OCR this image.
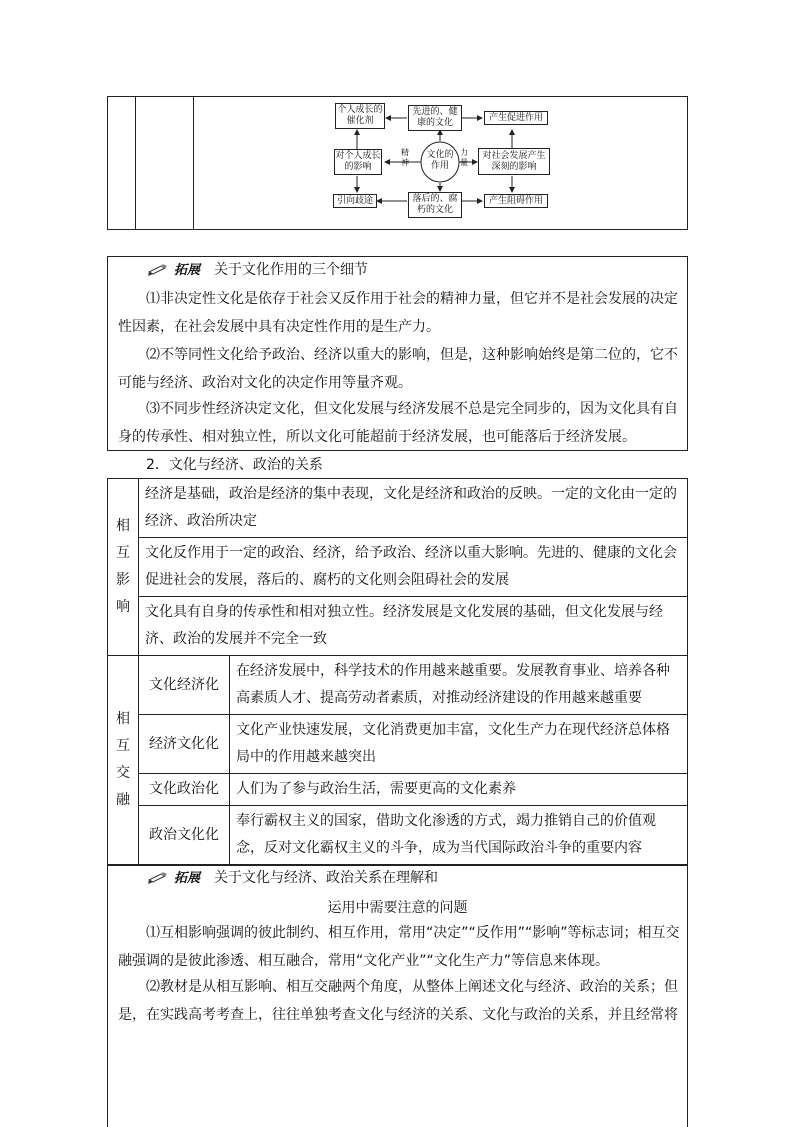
个人成长的
催化剂
先进的、健
康的文化
产生促进作用
对个人成长
的影响
对社会发展产生
深刻的影响
引向歧途	落后的、腐
朽的文化
产生阻碍作用
文化的
作用
精
神
力
量
拓展 关于文化作用的三个细节
⑴非决定性文化是依存于社会又反作用于社会的精神力量，但它并不是社会发展的决定性因素，在社会发展中具有决定性作用的是生产力。
⑵不等同性文化给予政治、经济以重大的影响，但是，这种影响始终是第二位的，它不可能与经济、政治对文化的决定作用等量齐观。
⑶不同步性经济决定文化，但文化发展与经济发展不总是完全同步的，因为文化具有自身的传承性、相对独立性，所以文化可能超前于经济发展，也可能落后于经济发展。
2．文化与经济、政治的关系
相
互
影
响	经济是基础，政治是经济的集中表现，文化是经济和政治的反映。一定的文化由一定的经济、政治所决定	
	文化反作用于一定的政治、经济，给予政治、经济以重大影响。先进的、健康的文化会促进社会的发展，落后的、腐朽的文化则会阻碍社会的发展	
	文化具有自身的传承性和相对独立性。经济发展是文化发展的基础，但文化发展与经济、政治的发展并不完全一致	

相
互
交
融	文化经济化	在经济发展中，科学技术的作用越来越重要。发展教育事业、培养各种高素质人才、提高劳动者素质，对推动经济建设的作用越来越重要
	经济文化化	文化产业快速发展，文化消费更加丰富，文化生产力在现代经济总体格局中的作用越来越突出
	文化政治化	人们为了参与政治生活，需要更高的文化素养
	政治文化化	奉行霸权主义的国家，借助文化渗透的方式，竭力推销自己的价值观念，反对文化霸权主义的斗争，成为当代国际政治斗争的重要内容
拓展 关于文化与经济、政治关系在理解和
运用中需要注意的问题
⑴互相影响强调的彼此制约、相互作用，常用“决定”“反作用”“影响”等标志词；相互交融强调的是彼此渗透、相互融合，常用“文化产业”“文化生产力”等信息来体现。
⑵教材是从相互影响、相互交融两个角度，从整体上阐述文化与经济、政治的关系；但是，在实践高考考查上，往往单独考查文化与经济的关系、文化与政治的关系，并且经常将
